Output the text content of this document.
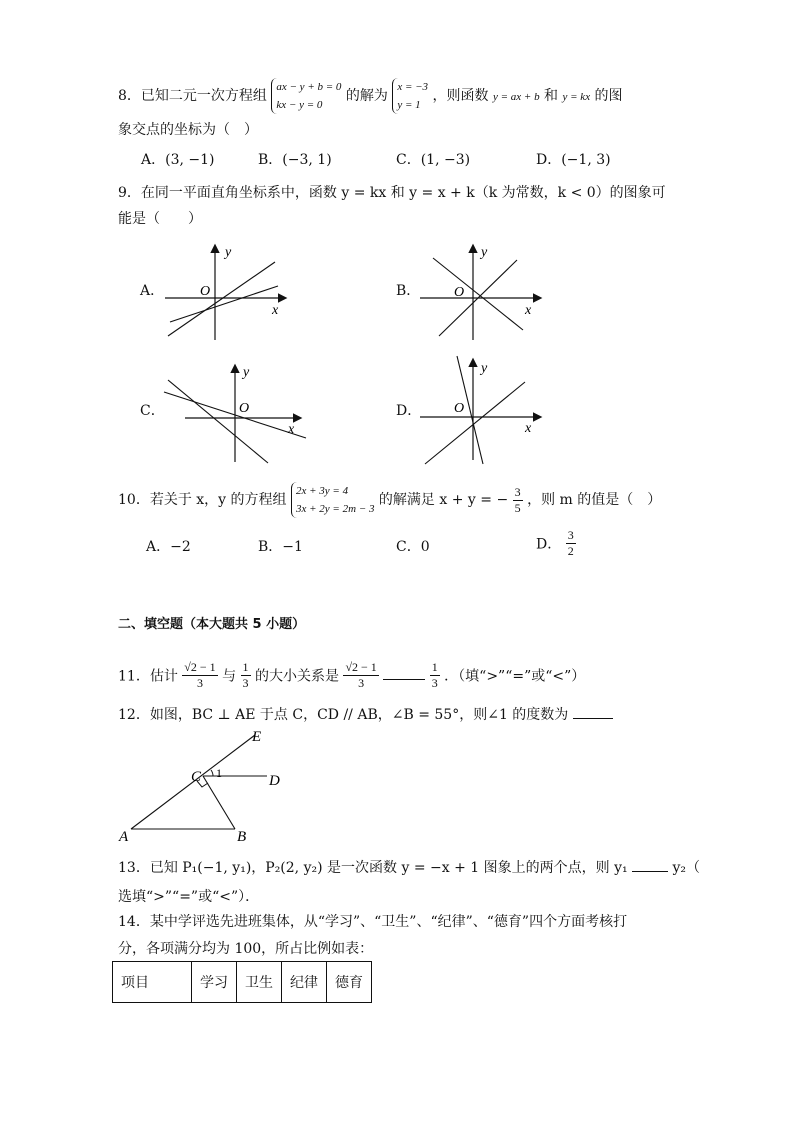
8．已知二元一次方程组 ax − y + b = 0
kx − y = 0 的解为 x = −3
y = 1 ，则函数 y = ax + b 和 y = kx 的图
象交点的坐标为（　）
A．(3, −1)	B．(−3, 1)	C．(1, −3)	D．(−1, 3)
9．在同一平面直角坐标系中，函数 y = kx 和 y = x + k（k 为常数，k < 0）的图象可
能是（　　）
A．	B．
C．	D．
y
x
O
y
x
O
y
x
O
y
x
O
10．若关于 x，y 的方程组 2x + 3y = 4
3x + 2y = 2m − 3 的解满足 x + y = − $\frac{3}{5}$ ，则 m 的值是（　）
A．−2	B．−1	C．0	D． $\frac{3}{2}$
二、填空题（本大题共 5 小题）
11．估计 $\frac{√2 - 1}{3}$ 与 $\frac{1}{3}$ 的大小关系是 $\frac{√2 - 1}{3}$
	$\frac{1}{3}$ ．（填“>”“=”或“<”）
12．如图，BC ⊥ AE 于点 C，CD // AB，∠B = 55°，则∠1 的度数为
E
C 1	D
A	B
13．已知 P₁(−1, y₁)，P₂(2, y₂) 是一次函数 y = −x + 1 图象上的两个点，则 y₁	y₂（
选填“>”“=”或“<”）．
14．某中学评选先进班集体，从“学习”、“卫生”、“纪律”、“德育”四个方面考核打
分，各项满分均为 100，所占比例如表：
项目	学习	卫生	纪律	德育
